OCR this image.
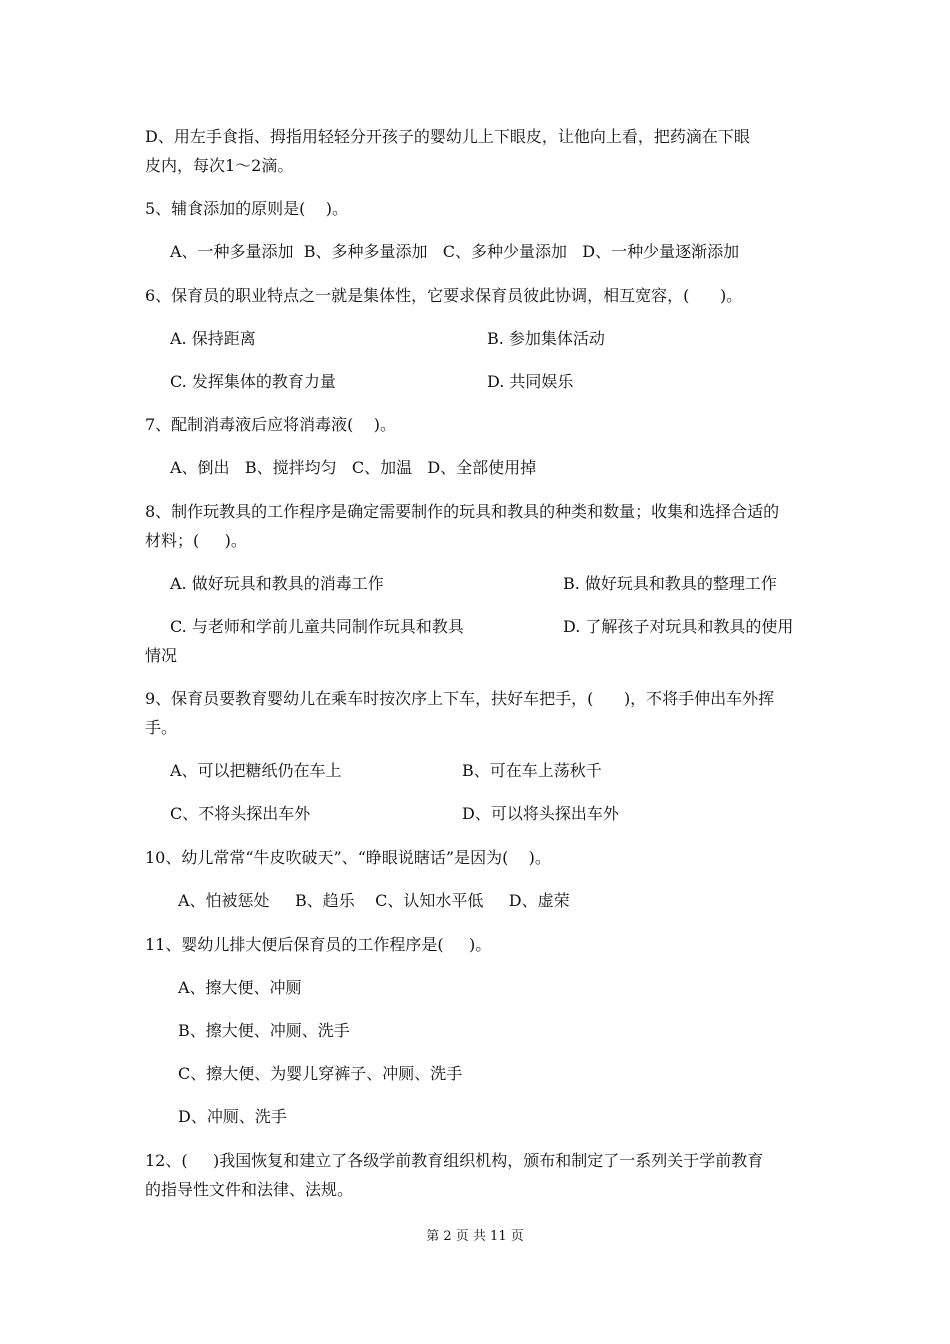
D、用左手食指、拇指用轻轻分开孩子的婴幼儿上下眼皮，让他向上看，把药滴在下眼
皮内，每次1～2滴。
5、辅食添加的原则是(    )。
A、一种多量添加  B、多种多量添加   C、多种少量添加   D、一种少量逐渐添加
6、保育员的职业特点之一就是集体性，它要求保育员彼此协调，相互宽容，(      )。
A. 保持距离	B. 参加集体活动
C. 发挥集体的教育力量	D. 共同娱乐
7、配制消毒液后应将消毒液(    )。
A、倒出   B、搅拌均匀   C、加温   D、全部使用掉
8、制作玩教具的工作程序是确定需要制作的玩具和教具的种类和数量；收集和选择合适的
材料；(     )。
A. 做好玩具和教具的消毒工作	B. 做好玩具和教具的整理工作
C. 与老师和学前儿童共同制作玩具和教具	D. 了解孩子对玩具和教具的使用
情况
9、保育员要教育婴幼儿在乘车时按次序上下车，扶好车把手，(      )，不将手伸出车外挥
手。
A、可以把糖纸仍在车上	B、可在车上荡秋千
C、不将头探出车外	D、可以将头探出车外
10、幼儿常常“牛皮吹破天”、“睁眼说瞎话”是因为(    )。
A、怕被惩处     B、趋乐    C、认知水平低     D、虚荣
11、婴幼儿排大便后保育员的工作程序是(     )。
A、擦大便、冲厕
B、擦大便、冲厕、洗手
C、擦大便、为婴儿穿裤子、冲厕、洗手
D、冲厕、洗手
12、(     )我国恢复和建立了各级学前教育组织机构，颁布和制定了一系列关于学前教育
的指导性文件和法律、法规。
第 2 页 共 11 页
